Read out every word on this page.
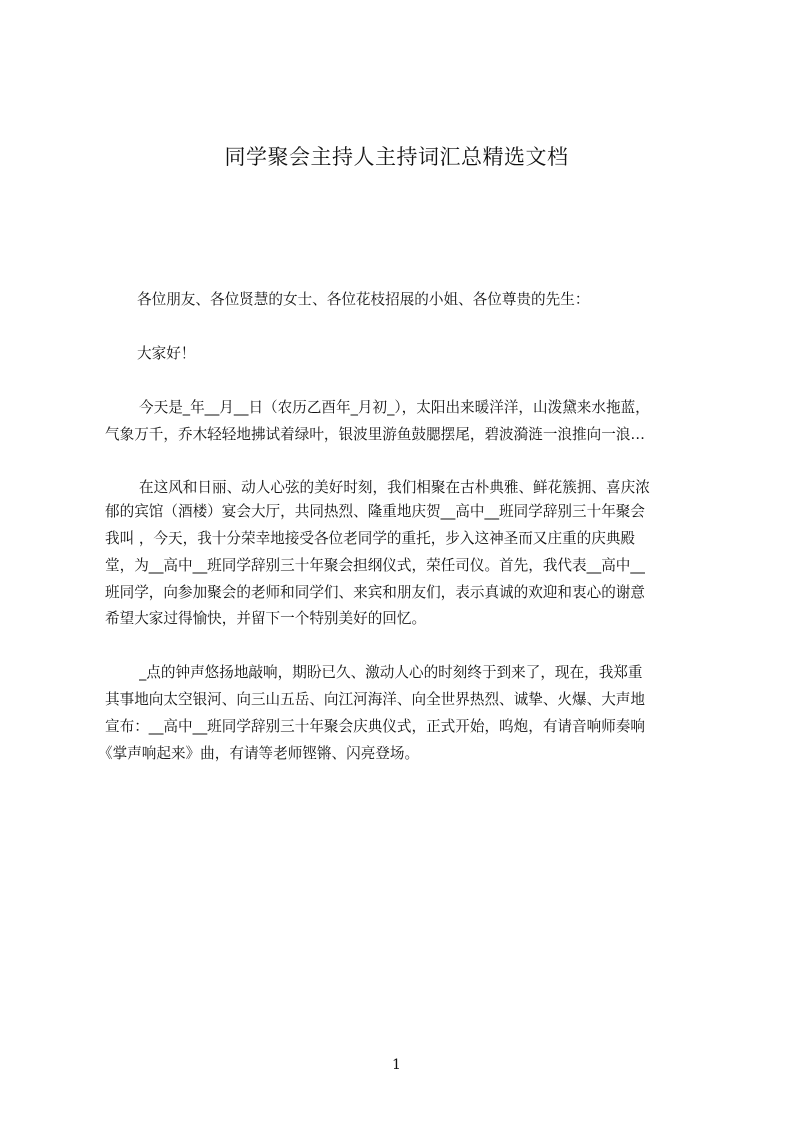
同学聚会主持人主持词汇总精选文档
各位朋友、各位贤慧的女士、各位花枝招展的小姐、各位尊贵的先生：
大家好！
今天是_年__月__日（农历乙酉年_月初_），太阳出来暖洋洋，山泼黛来水拖蓝，
气象万千，乔木轻轻地拂试着绿叶，银波里游鱼鼓腮摆尾，碧波漪涟一浪推向一浪…
在这风和日丽、动人心弦的美好时刻，我们相聚在古朴典雅、鲜花簇拥、喜庆浓
郁的宾馆（酒楼）宴会大厅，共同热烈、隆重地庆贺__高中__班同学辞别三十年聚会
我叫 ，今天，我十分荣幸地接受各位老同学的重托，步入这神圣而又庄重的庆典殿
堂，为__高中__班同学辞别三十年聚会担纲仪式，荣任司仪。首先，我代表__高中__
班同学，向参加聚会的老师和同学们、来宾和朋友们，表示真诚的欢迎和衷心的谢意
希望大家过得愉快，并留下一个特别美好的回忆。
_点的钟声悠扬地敲响，期盼已久、激动人心的时刻终于到来了，现在，我郑重
其事地向太空银河、向三山五岳、向江河海洋、向全世界热烈、诚挚、火爆、大声地
宣布：__高中__班同学辞别三十年聚会庆典仪式，正式开始，呜炮，有请音响师奏响
《掌声响起来》曲，有请等老师铿锵、闪亮登场。
1
